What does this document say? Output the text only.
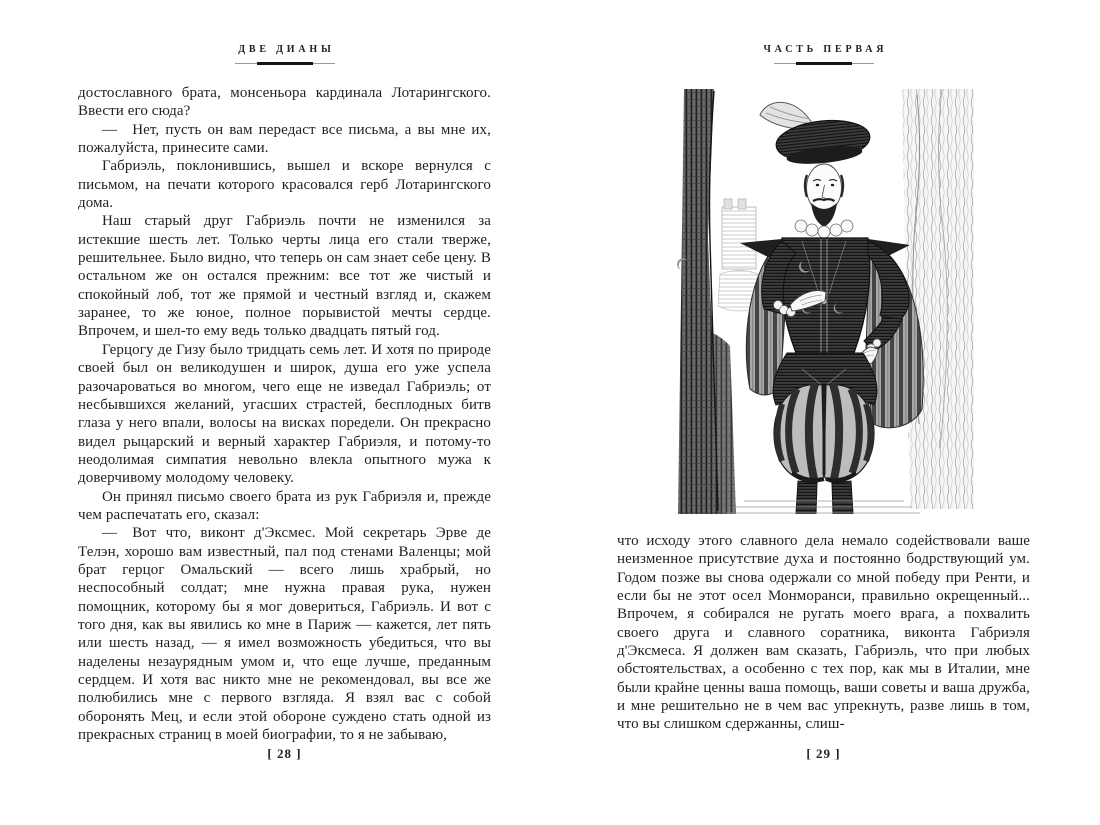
ДВЕ ДИАНЫ

достославного брата, монсеньора кардинала Лотарингского. Ввести его сюда?

— Нет, пусть он вам передаст все письма, а вы мне их, пожалуйста, принесите сами.

Габриэль, поклонившись, вышел и вскоре вернулся с письмом, на печати которого красовался герб Лотарингского дома.

Наш старый друг Габриэль почти не изменился за истекшие шесть лет. Только черты лица его стали тверже, решительнее. Было видно, что теперь он сам знает себе цену. В остальном же он остался прежним: все тот же чистый и спокойный лоб, тот же прямой и честный взгляд и, скажем заранее, то же юное, полное порывистой мечты сердце. Впрочем, и шел-то ему ведь только двадцать пятый год.

Герцогу де Гизу было тридцать семь лет. И хотя по природе своей был он великодушен и широк, душа его уже успела разочароваться во многом, чего еще не изведал Габриэль; от несбывшихся желаний, угасших страстей, бесплодных битв глаза у него впали, волосы на висках поредели. Он прекрасно видел рыцарский и верный характер Габриэля, и потому-то неодолимая симпатия невольно влекла опытного мужа к доверчивому молодому человеку.

Он принял письмо своего брата из рук Габриэля и, прежде чем распечатать его, сказал:

— Вот что, виконт д'Эксмес. Мой секретарь Эрве де Телэн, хорошо вам известный, пал под стенами Валенцы; мой брат герцог Омальский — всего лишь храбрый, но неспособный солдат; мне нужна правая рука, нужен помощник, которому бы я мог довериться, Габриэль. И вот с того дня, как вы явились ко мне в Париж — кажется, лет пять или шесть назад, — я имел возможность убедиться, что вы наделены незаурядным умом и, что еще лучше, преданным сердцем. И хотя вас никто мне не рекомендовал, вы все же полюбились мне с первого взгляда. Я взял вас с собой оборонять Мец, и если этой обороне суждено стать одной из прекрасных страниц в моей биографии, то я не забываю,

[ 28 ]
ЧАСТЬ ПЕРВАЯ

что исходу этого славного дела немало содействовали ваше неизменное присутствие духа и постоянно бодрствующий ум. Годом позже вы снова одержали со мной победу при Ренти, и если бы не этот осел Монморанси, правильно окрещенный... Впрочем, я собирался не ругать моего врага, а похвалить своего друга и славного соратника, виконта Габриэля д'Эксмеса. Я должен вам сказать, Габриэль, что при любых обстоятельствах, а особенно с тех пор, как мы в Италии, мне были крайне ценны ваша помощь, ваши советы и ваша дружба, и мне решительно не в чем вас упрекнуть, разве лишь в том, что вы слишком сдержанны, слиш-

[ 29 ]
